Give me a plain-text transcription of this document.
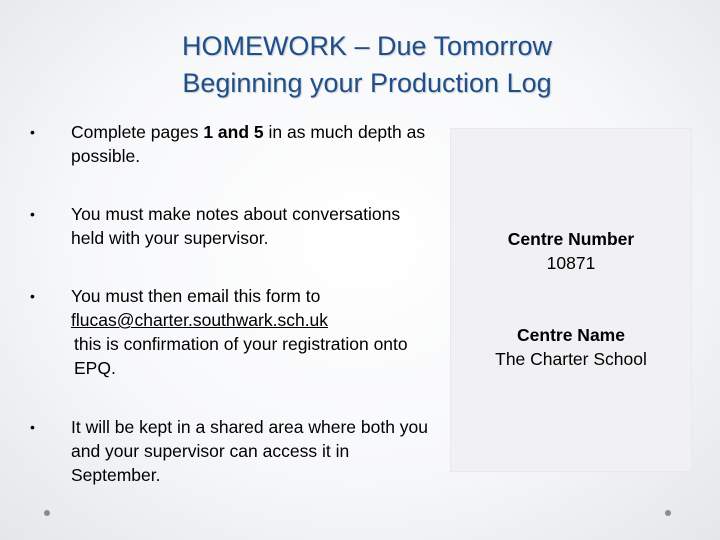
HOMEWORK – Due Tomorrow
Beginning your Production Log
• Complete pages 1 and 5 in as much depth as possible.
• You must make notes about conversations held with your supervisor.
• You must then email this form to
flucas@charter.southwark.sch.uk
this is confirmation of your registration onto EPQ.
• It will be kept in a shared area where both you and your supervisor can access it in September.
Centre Number
10871
Centre Name
The Charter School
